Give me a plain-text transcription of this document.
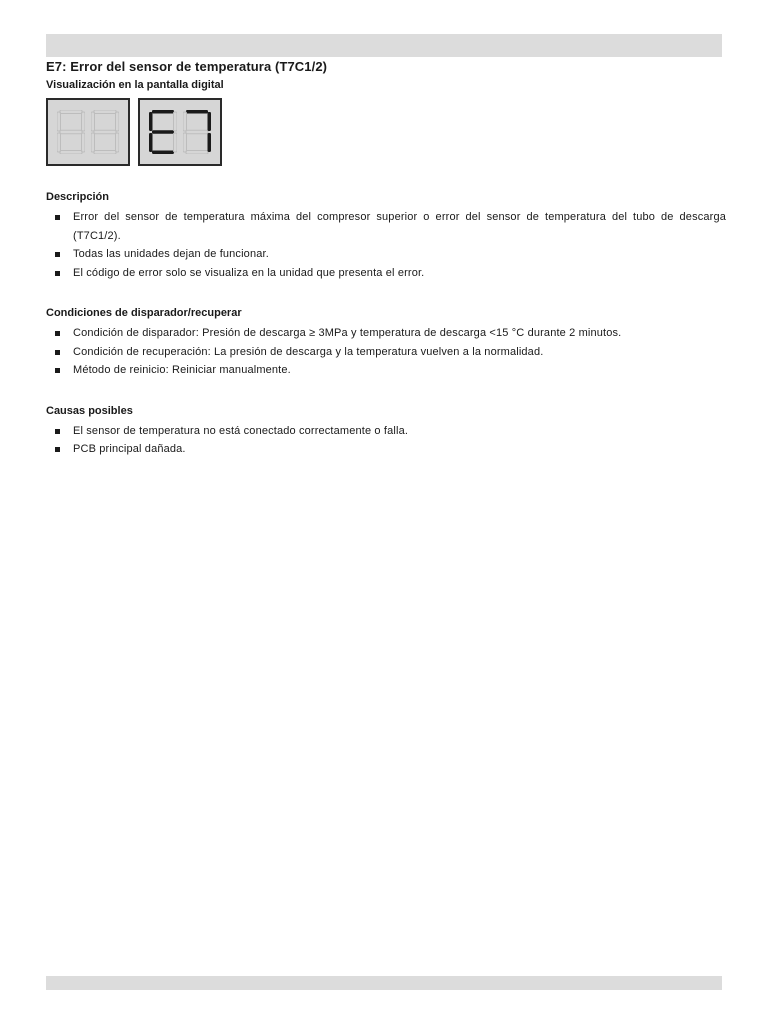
E7: Error del sensor de temperatura (T7C1/2)
Visualización en la pantalla digital
Descripción
Error del sensor de temperatura máxima del compresor superior o error del sensor de temperatura del tubo de descarga (T7C1/2).
Todas las unidades dejan de funcionar.
El código de error solo se visualiza en la unidad que presenta el error.
Condiciones de disparador/recuperar
Condición de disparador: Presión de descarga ≥ 3MPa y temperatura de descarga <15 °C durante 2 minutos.
Condición de recuperación: La presión de descarga y la temperatura vuelven a la normalidad.
Método de reinicio: Reiniciar manualmente.
Causas posibles
El sensor de temperatura no está conectado correctamente o falla.
PCB principal dañada.
